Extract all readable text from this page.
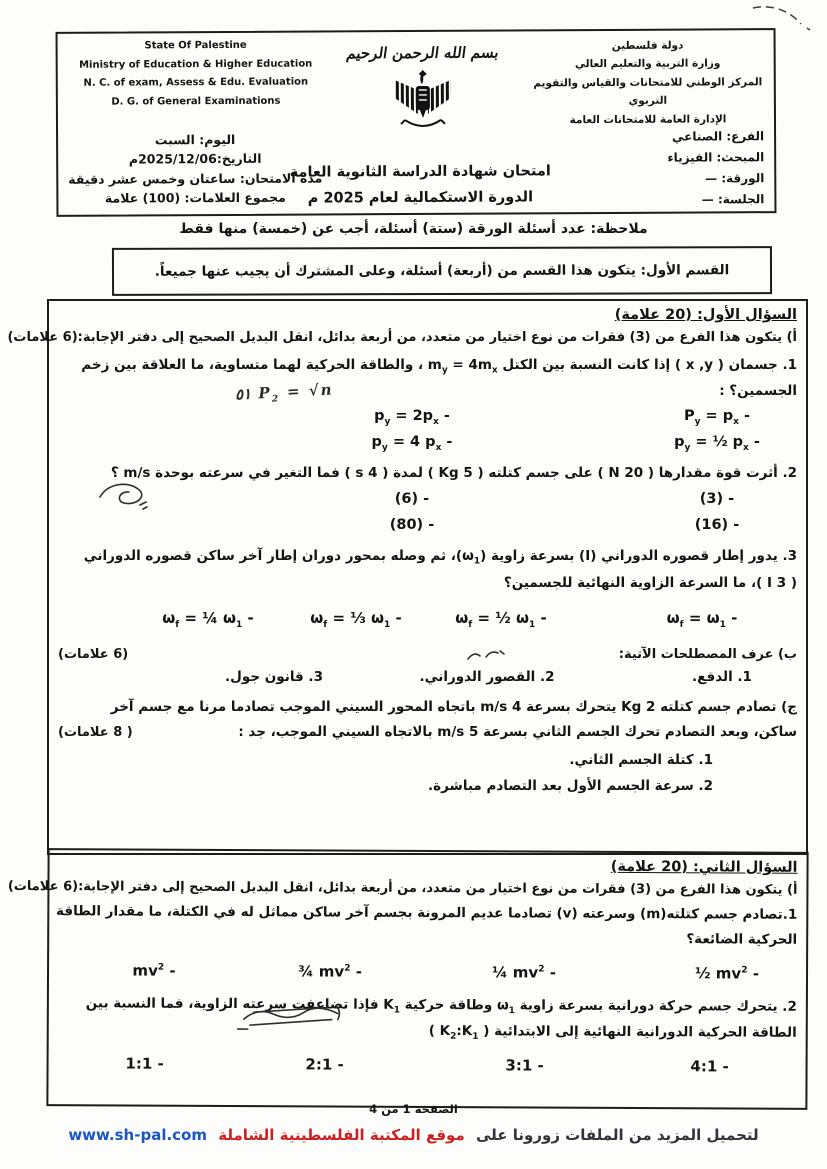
State Of Palestine
Ministry of Education & Higher Education
N. C. of exam, Assess & Edu. Evaluation
D. G. of General Examinations
اليوم: السبت
التاريخ:2025/12/06م
مدة الامتحان: ساعتان وخمس عشر دقيقة
مجموع العلامات: (100) علامة
بسم الله الرحمن الرحيم
امتحان شهادة الدراسة الثانوية العامة
الدورة الاستكمالية لعام 2025 م
دولة فلسطين
وزارة التربية والتعليم العالي
المركز الوطني للامتحانات والقياس والتقويم التربوي
الإدارة العامة للامتحانات العامة
الفرع: الصناعي
المبحث: الفيزياء
الورقة: —
الجلسة: —
ملاحظة: عدد أسئلة الورقة (ستة) أسئلة، أجب عن (خمسة) منها فقط
القسم الأول: يتكون هذا القسم من (أربعة) أسئلة، وعلى المشترك أن يجيب عنها جميعاً.
السؤال الأول: (20 علامة)
أ) يتكون هذا الفرع من (3) فقرات من نوع اختيار من متعدد، من أربعة بدائل، انقل البديل الصحيح إلى دفتر الإجابة:
(6 علامات)
1. جسمان ( x ,y ) إذا كانت النسبة بين الكتل $m_y = 4m_x$ ، والطاقة الحركية لهما متساوية، ما العلاقة بين زخم
الجسمين؟ :
$P_2 = √n$ ٥١
$P_y = p_x$ -
$p_y = 2p_x$ -
$p_y$ = ½ $p_x$ -
$p_y = 4$ $p_x$ -
2. أثرت قوة مقدارها ( 20 N ) على جسم كتلته ( 5 Kg ) لمدة ( 4 s ) فما التغير في سرعته بوحدة m/s ؟
(3) -
(6) -
(16) -
(80) -
3. يدور إطار قصوره الدوراني (I) بسرعة زاوية $(\omega_1)،$ ثم وصله بمحور دوران إطار آخر ساكن قصوره الدوراني
( 3 I )، ما السرعة الزاوية النهائية للجسمين؟
$\omega_f = \omega_1$ -
$\omega_f$ = ½ $\omega_1$ -
$\omega_f$ = ⅓ $\omega_1$ -
$\omega_f$ = ¼ $\omega_1$ -
ب) عرف المصطلحات الآتية:
(6 علامات)
1. الدفع.
2. القصور الدوراني.
3. قانون جول.
ج) تصادم جسم كتلته 2 Kg يتحرك بسرعة 4 m/s باتجاه المحور السيني الموجب تصادما مرنا مع جسم آخر
ساكن، وبعد التصادم تحرك الجسم الثاني بسرعة 5 m/s بالاتجاه السيني الموجب، جد :
( 8 علامات)
1. كتلة الجسم الثاني.
2. سرعة الجسم الأول بعد التصادم مباشرة.
السؤال الثاني: (20 علامة)
أ) يتكون هذا الفرع من (3) فقرات من نوع اختيار من متعدد، من أربعة بدائل، انقل البديل الصحيح إلى دفتر الإجابة:
(6 علامات)
1.تصادم جسم كتلته(m) وسرعته (v) تصادما عديم المرونة بجسم آخر ساكن مماثل له في الكتلة، ما مقدار الطاقة
الحركية الضائعة؟
½ $mv^2$ -
¼ $mv^2$ -
¾ $mv^2$ -
$mv^2$ -
2. يتحرك جسم حركة دورانية بسرعة زاوية $\omega_1$ وطاقة حركية $K_1$ فإذا تضاعفت سرعته الزاوية، فما النسبة بين
الطاقة الحركية الدورانية النهائية إلى الابتدائية ( $K_2:K_1$ )
4:1 -
3:1 -
2:1 -
1:1 -
الصفحة 1 من 4
لتحميل المزيد من الملفات زورونا على موقع المكتبة الفلسطينية الشاملة www.sh-pal.com
